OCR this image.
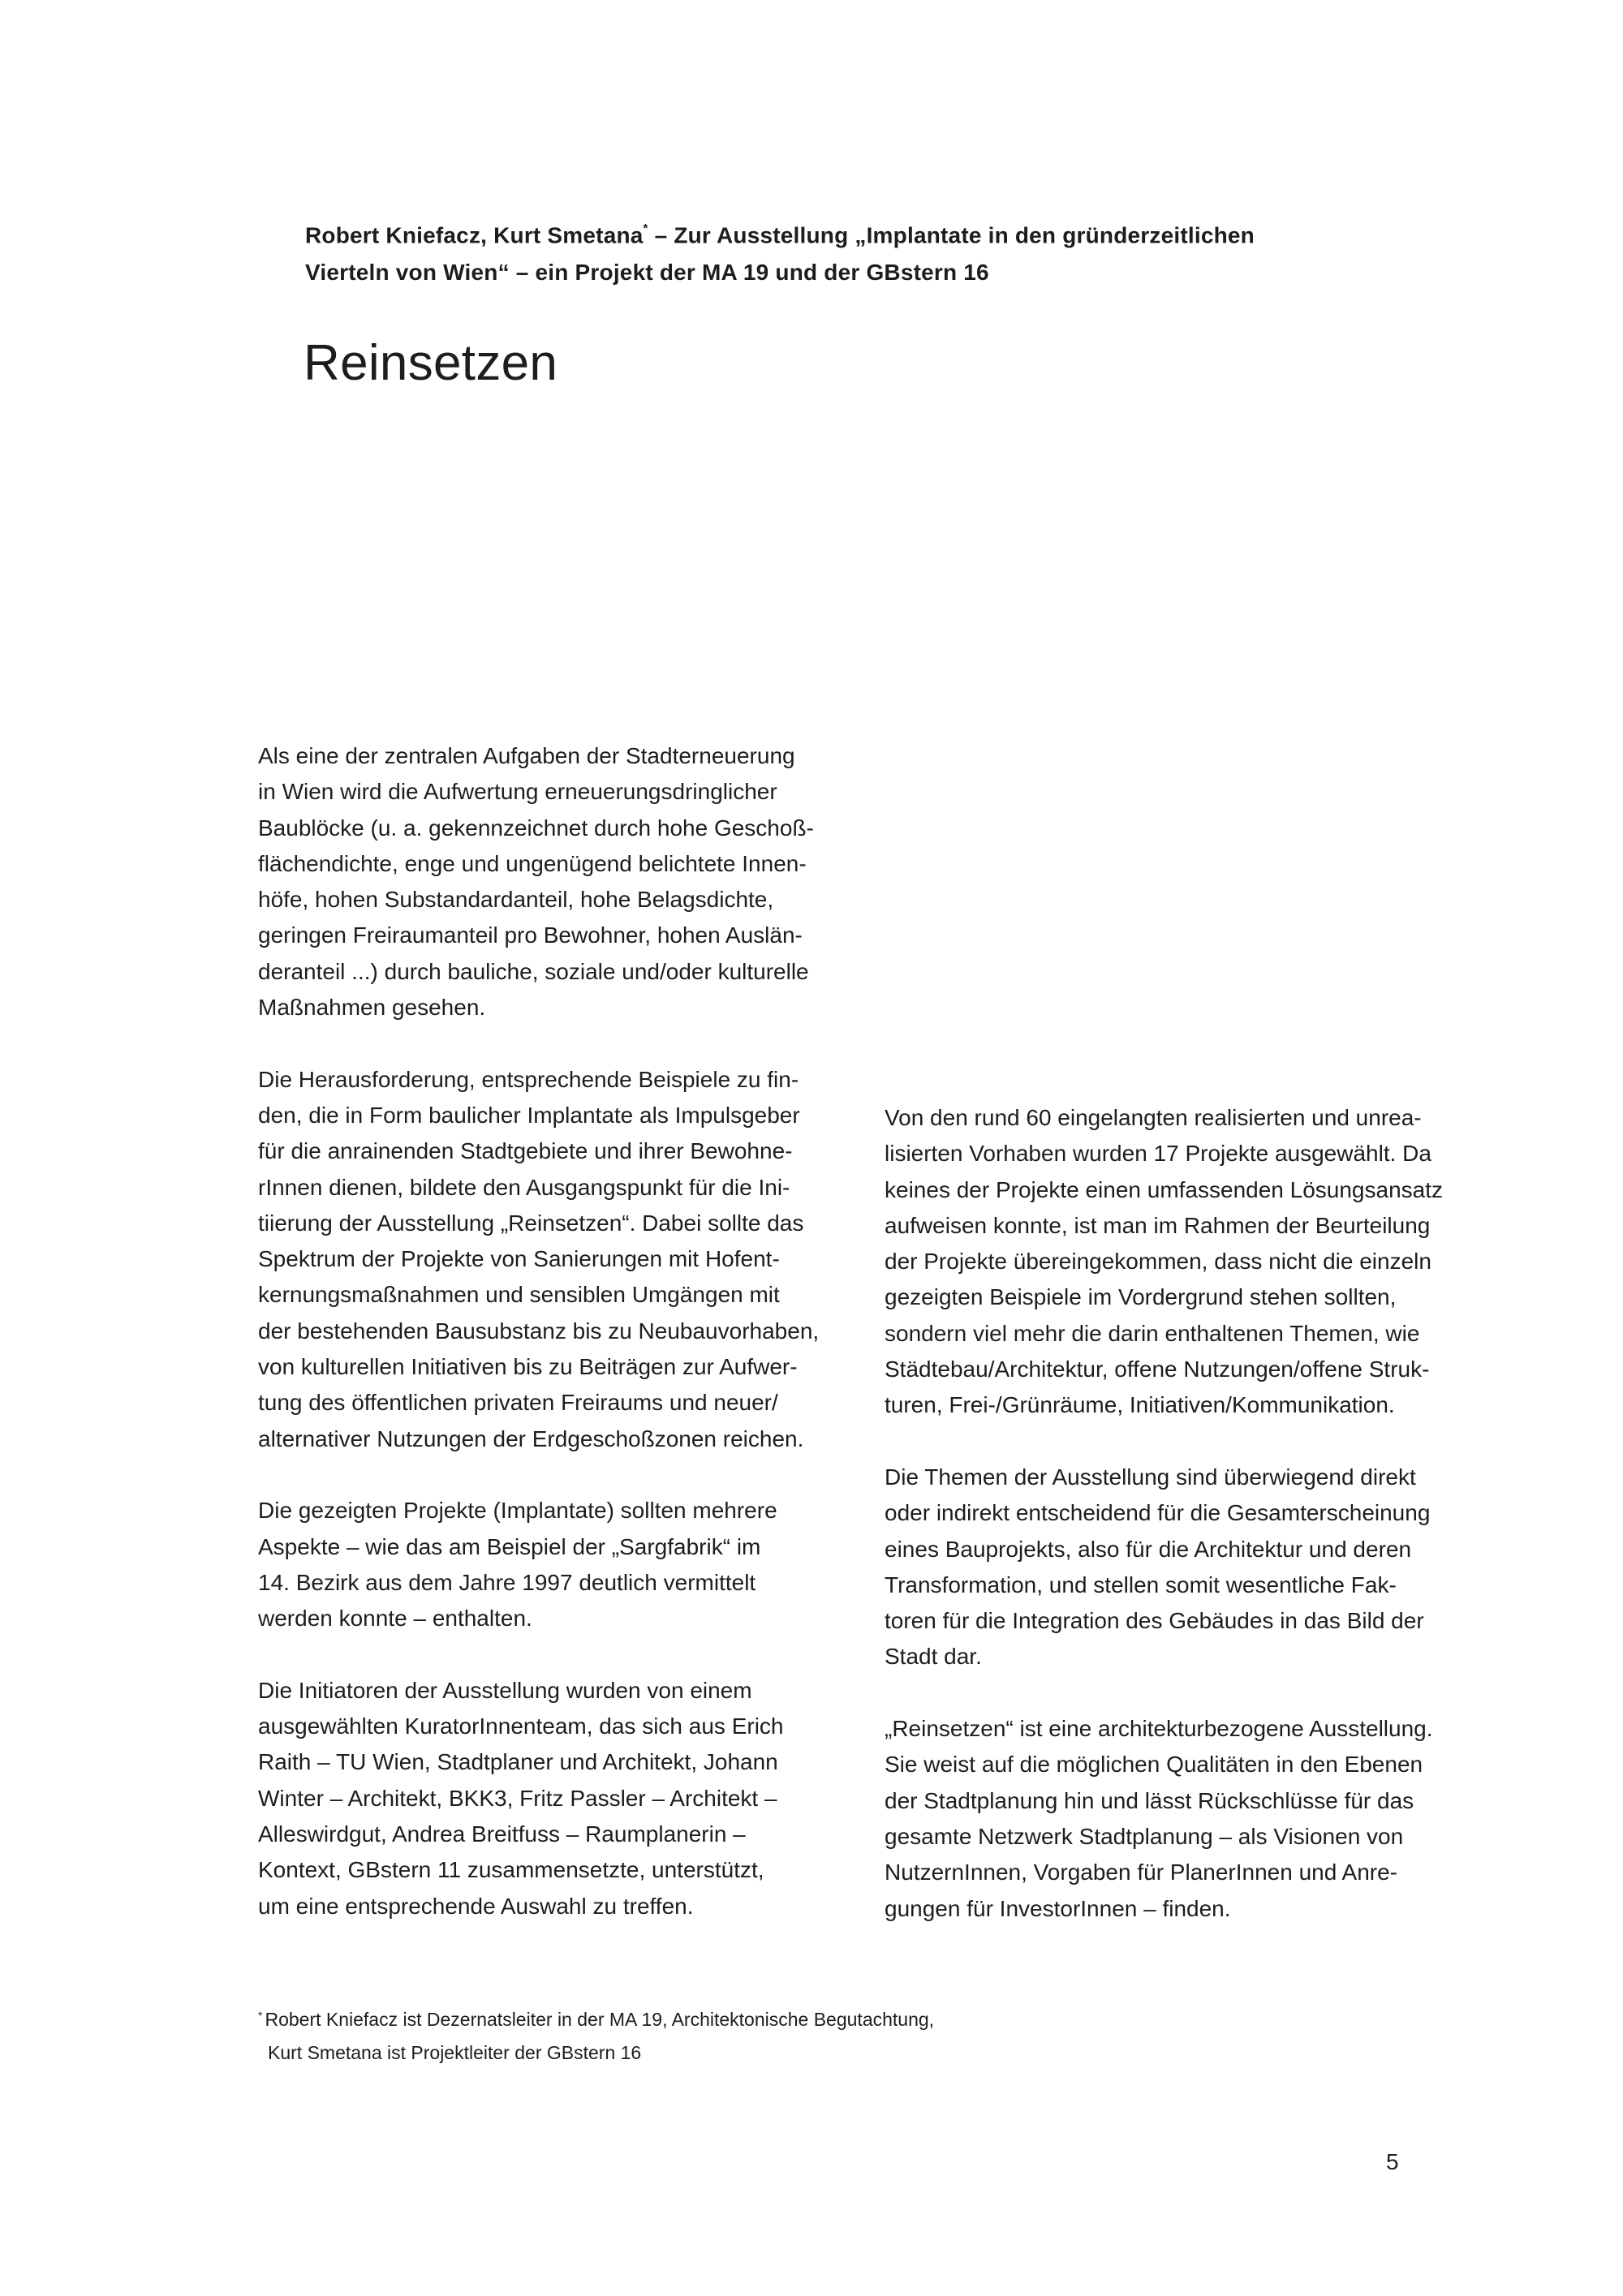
Robert Kniefacz, Kurt Smetana* – Zur Ausstellung „Implantate in den gründerzeitlichen
Vierteln von Wien“ – ein Projekt der MA 19 und der GBstern 16
Reinsetzen

Als eine der zentralen Aufgaben der Stadterneuerung
in Wien wird die Aufwertung erneuerungsdringlicher
Baublöcke (u. a. gekennzeichnet durch hohe Geschoß-
flächendichte, enge und ungenügend belichtete Innen-
höfe, hohen Substandardanteil, hohe Belagsdichte,
geringen Freiraumanteil pro Bewohner, hohen Auslän-
deranteil ...) durch bauliche, soziale und/oder kulturelle
Maßnahmen gesehen.

Die Herausforderung, entsprechende Beispiele zu fin-
den, die in Form baulicher Implantate als Impulsgeber
für die anrainenden Stadtgebiete und ihrer Bewohne-
rInnen dienen, bildete den Ausgangspunkt für die Ini-
tiierung der Ausstellung „Reinsetzen“. Dabei sollte das
Spektrum der Projekte von Sanierungen mit Hofent-
kernungsmaßnahmen und sensiblen Umgängen mit
der bestehenden Bausubstanz bis zu Neubauvorhaben,
von kulturellen Initiativen bis zu Beiträgen zur Aufwer-
tung des öffentlichen privaten Freiraums und neuer/
alternativer Nutzungen der Erdgeschoßzonen reichen.

Die gezeigten Projekte (Implantate) sollten mehrere
Aspekte – wie das am Beispiel der „Sargfabrik“ im
14. Bezirk aus dem Jahre 1997 deutlich vermittelt
werden konnte – enthalten.

Die Initiatoren der Ausstellung wurden von einem
ausgewählten KuratorInnenteam, das sich aus Erich
Raith – TU Wien, Stadtplaner und Architekt, Johann
Winter – Architekt, BKK3, Fritz Passler – Architekt –
Alleswirdgut, Andrea Breitfuss – Raumplanerin –
Kontext, GBstern 11 zusammensetzte, unterstützt,
um eine entsprechende Auswahl zu treffen.

Von den rund 60 eingelangten realisierten und unrea-
lisierten Vorhaben wurden 17 Projekte ausgewählt. Da
keines der Projekte einen umfassenden Lösungsansatz
aufweisen konnte, ist man im Rahmen der Beurteilung
der Projekte übereingekommen, dass nicht die einzeln
gezeigten Beispiele im Vordergrund stehen sollten,
sondern viel mehr die darin enthaltenen Themen, wie
Städtebau/Architektur, offene Nutzungen/offene Struk-
turen, Frei-/Grünräume, Initiativen/Kommunikation.

Die Themen der Ausstellung sind überwiegend direkt
oder indirekt entscheidend für die Gesamterscheinung
eines Bauprojekts, also für die Architektur und deren
Transformation, und stellen somit wesentliche Fak-
toren für die Integration des Gebäudes in das Bild der
Stadt dar.

„Reinsetzen“ ist eine architekturbezogene Ausstellung.
Sie weist auf die möglichen Qualitäten in den Ebenen
der Stadtplanung hin und lässt Rückschlüsse für das
gesamte Netzwerk Stadtplanung – als Visionen von
NutzernInnen, Vorgaben für PlanerInnen und Anre-
gungen für InvestorInnen – finden.

* Robert Kniefacz ist Dezernatsleiter in der MA 19, Architektonische Begutachtung,
Kurt Smetana ist Projektleiter der GBstern 16
5
